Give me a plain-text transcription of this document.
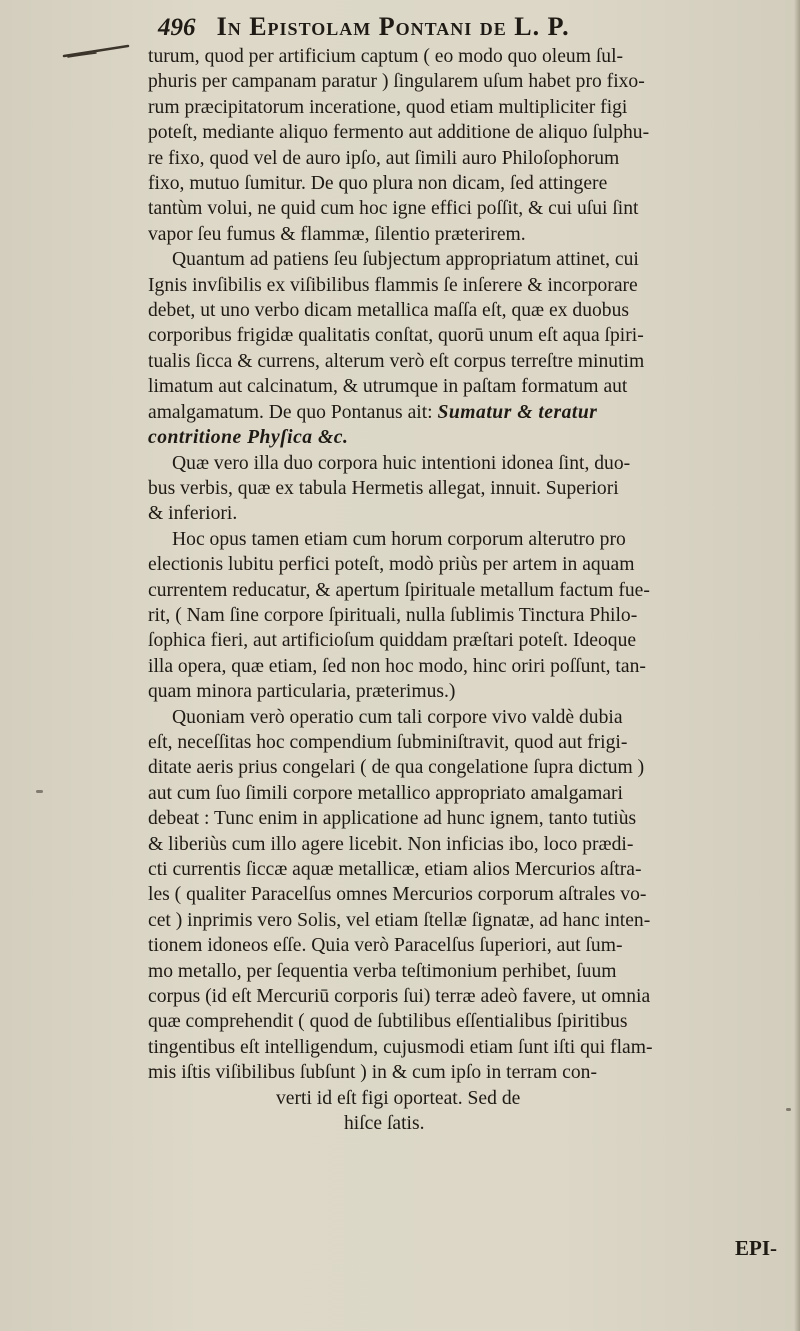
496 In Epistolam Pontani de L. P.
turum, quod per artificium captum ( eo modo quo oleum ſul-
phuris per campanam paratur ) ſingularem uſum habet pro fixo-
rum præcipitatorum inceratione, quod etiam multipliciter figi
poteſt, mediante aliquo fermento aut additione de aliquo ſulphu-
re fixo, quod vel de auro ipſo, aut ſimili auro Philoſophorum
fixo, mutuo ſumitur. De quo plura non dicam, ſed attingere
tantùm volui, ne quid cum hoc igne effici poſſit, & cui uſui ſint
vapor ſeu fumus & flammæ, ſilentio præterirem.
Quantum ad patiens ſeu ſubjectum appropriatum attinet, cui
Ignis invſibilis ex viſibilibus flammis ſe inſerere & incorporare
debet, ut uno verbo dicam metallica maſſa eſt, quæ ex duobus
corporibus frigidæ qualitatis conſtat, quorū unum eſt aqua ſpiri-
tualis ſicca & currens, alterum verò eſt corpus terreſtre minutim
limatum aut calcinatum, & utrumque in paſtam formatum aut
amalgamatum. De quo Pontanus ait: Sumatur & teratur
contritione Phyſica &c.
Quæ vero illa duo corpora huic intentioni idonea ſint, duo-
bus verbis, quæ ex tabula Hermetis allegat, innuit. Superiori
& inferiori.
Hoc opus tamen etiam cum horum corporum alterutro pro
electionis lubitu perfici poteſt, modò priùs per artem in aquam
currentem reducatur, & apertum ſpirituale metallum factum fue-
rit, ( Nam ſine corpore ſpirituali, nulla ſublimis Tinctura Philo-
ſophica fieri, aut artificioſum quiddam præſtari poteſt. Ideoque
illa opera, quæ etiam, ſed non hoc modo, hinc oriri poſſunt, tan-
quam minora particularia, præterimus.)
Quoniam verò operatio cum tali corpore vivo valdè dubia
eſt, neceſſitas hoc compendium ſubminiſtravit, quod aut frigi-
ditate aeris prius congelari ( de qua congelatione ſupra dictum )
aut cum ſuo ſimili corpore metallico appropriato amalgamari
debeat : Tunc enim in applicatione ad hunc ignem, tanto tutiùs
& liberiùs cum illo agere licebit. Non inficias ibo, loco prædi-
cti currentis ſiccæ aquæ metallicæ, etiam alios Mercurios aſtra-
les ( qualiter Paracelſus omnes Mercurios corporum aſtrales vo-
cet ) inprimis vero Solis, vel etiam ſtellæ ſignatæ, ad hanc inten-
tionem idoneos eſſe. Quia verò Paracelſus ſuperiori, aut ſum-
mo metallo, per ſequentia verba teſtimonium perhibet, ſuum
corpus (id eſt Mercuriū corporis ſui) terræ adeò favere, ut omnia
quæ comprehendit ( quod de ſubtilibus eſſentialibus ſpiritibus
tingentibus eſt intelligendum, cujusmodi etiam ſunt iſti qui flam-
mis iſtis viſibilibus ſubſunt ) in & cum ipſo in terram con-
verti id eſt figi oporteat. Sed de
hiſce ſatis.
EPI-
